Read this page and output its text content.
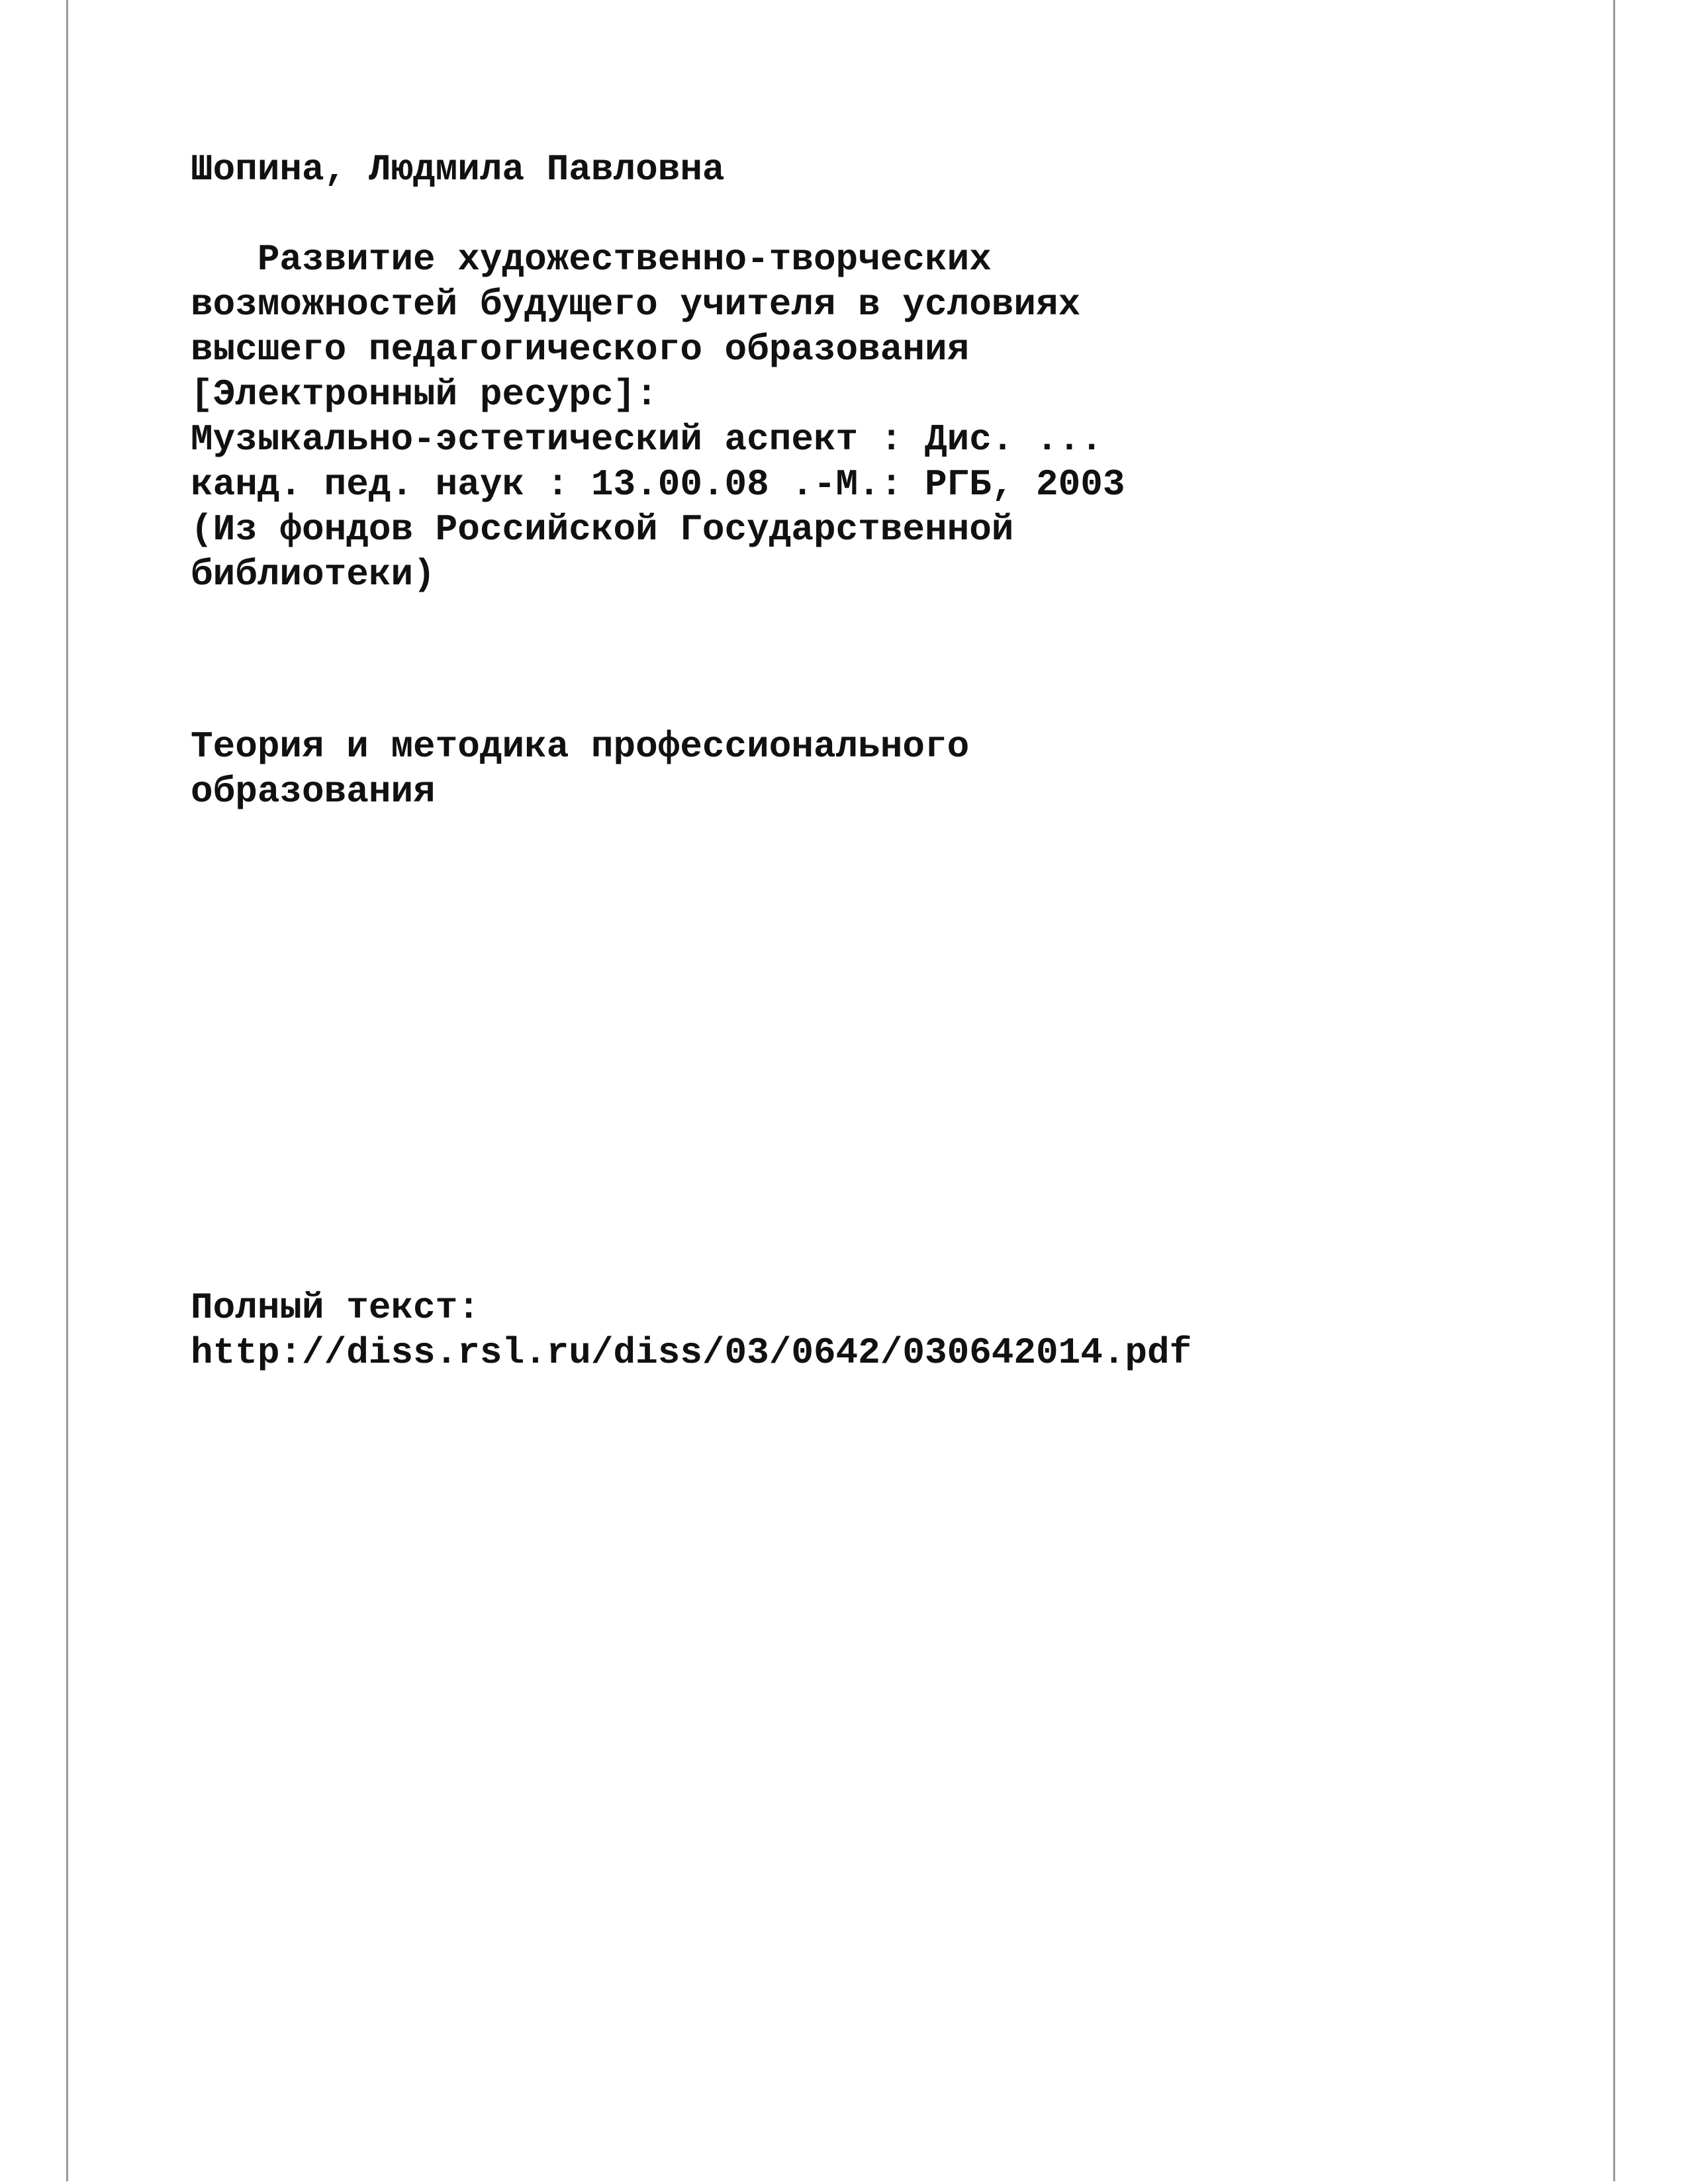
Шопина, Людмила Павловна
Развитие художественно-творческих
возможностей будущего учителя в условиях
высшего педагогического образования
[Электронный ресурс]:
Музыкально-эстетический аспект : Дис. ...
канд. пед. наук : 13.00.08 .-М.: РГБ, 2003
(Из фондов Российской Государственной
библиотеки)
Теория и методика профессионального
образования
Полный текст:
http://diss.rsl.ru/diss/03/0642/030642014.pdf
